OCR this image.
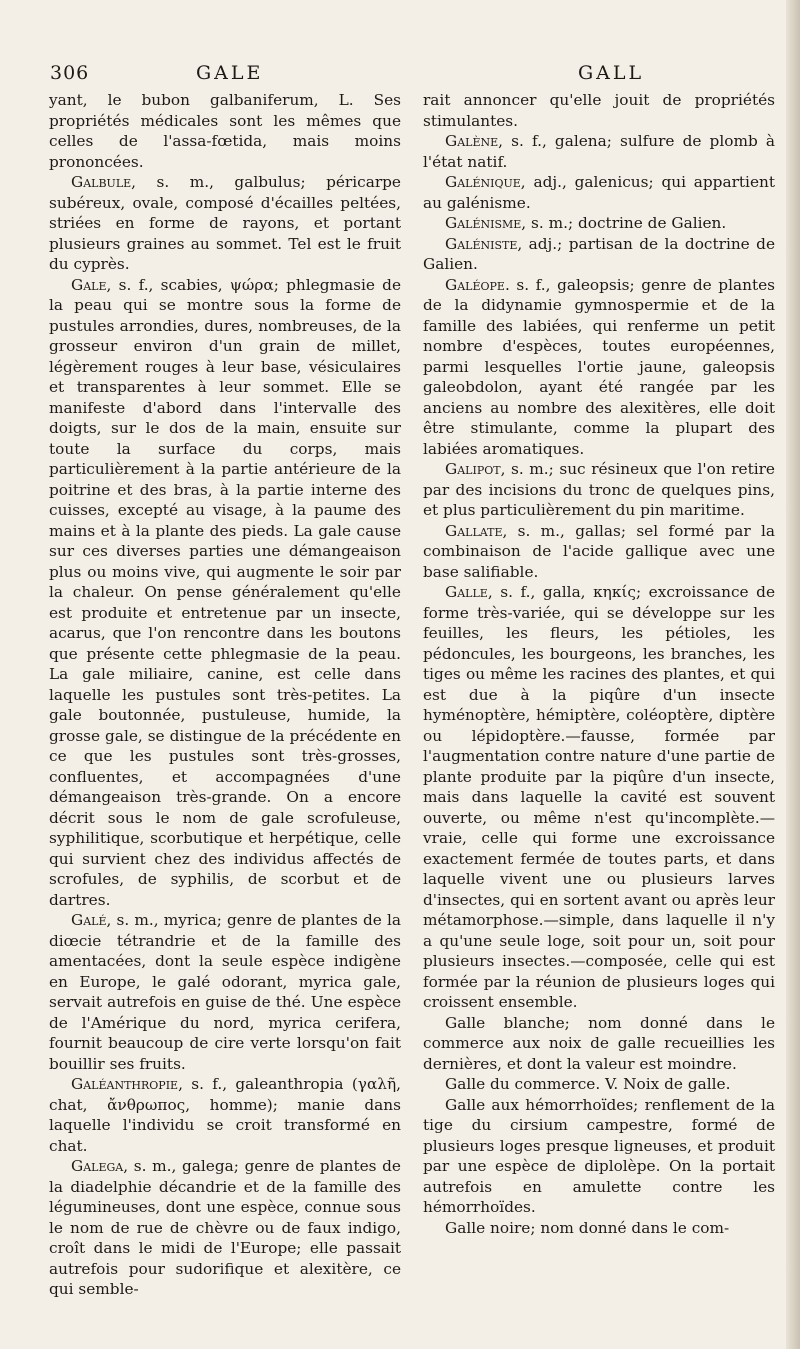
306	GALE	GALL

yant, le bubon galbaniferum, L. Ses propriétés médicales sont les mêmes que celles de l'assa-fœtida, mais moins prononcées.

Galbule, s. m., galbulus; péricarpe subéreux, ovale, composé d'écailles peltées, striées en forme de rayons, et portant plusieurs graines au sommet. Tel est le fruit du cyprès.

Gale, s. f., scabies, ψώρα; phlegmasie de la peau qui se montre sous la forme de pustules arrondies, dures, nombreuses, de la grosseur environ d'un grain de millet, légèrement rouges à leur base, vésiculaires et transparentes à leur sommet. Elle se manifeste d'abord dans l'intervalle des doigts, sur le dos de la main, ensuite sur toute la surface du corps, mais particulièrement à la partie antérieure de la poitrine et des bras, à la partie interne des cuisses, excepté au visage, à la paume des mains et à la plante des pieds. La gale cause sur ces diverses parties une démangeaison plus ou moins vive, qui augmente le soir par la chaleur. On pense généralement qu'elle est produite et entretenue par un insecte, acarus, que l'on rencontre dans les boutons que présente cette phlegmasie de la peau. La gale miliaire, canine, est celle dans laquelle les pustules sont très-petites. La gale boutonnée, pustuleuse, humide, la grosse gale, se distingue de la précédente en ce que les pustules sont très-grosses, confluentes, et accompagnées d'une démangeaison très-grande. On a encore décrit sous le nom de gale scrofuleuse, syphilitique, scorbutique et herpétique, celle qui survient chez des individus affectés de scrofules, de syphilis, de scorbut et de dartres.

Galé, s. m., myrica; genre de plantes de la diœcie tétrandrie et de la famille des amentacées, dont la seule espèce indigène en Europe, le galé odorant, myrica gale, servait autrefois en guise de thé. Une espèce de l'Amérique du nord, myrica cerifera, fournit beaucoup de cire verte lorsqu'on fait bouillir ses fruits.

Galéanthropie, s. f., galeanthropia (γαλῆ, chat, ἄνθρωπος, homme); manie dans laquelle l'individu se croit transformé en chat.

Galega, s. m., galega; genre de plantes de la diadelphie décandrie et de la famille des légumineuses, dont une espèce, connue sous le nom de rue de chèvre ou de faux indigo, croît dans le midi de l'Europe; elle passait autrefois pour sudorifique et alexitère, ce qui semble-

rait annoncer qu'elle jouit de propriétés stimulantes.

Galène, s. f., galena; sulfure de plomb à l'état natif.

Galénique, adj., galenicus; qui appartient au galénisme.

Galénisme, s. m.; doctrine de Galien.

Galéniste, adj.; partisan de la doctrine de Galien.

Galéope. s. f., galeopsis; genre de plantes de la didynamie gymnospermie et de la famille des labiées, qui renferme un petit nombre d'espèces, toutes européennes, parmi lesquelles l'ortie jaune, galeopsis galeobdolon, ayant été rangée par les anciens au nombre des alexitères, elle doit être stimulante, comme la plupart des labiées aromatiques.

Galipot, s. m.; suc résineux que l'on retire par des incisions du tronc de quelques pins, et plus particulièrement du pin maritime.

Gallate, s. m., gallas; sel formé par la combinaison de l'acide gallique avec une base salifiable.

Galle, s. f., galla, κηκίς; excroissance de forme très-variée, qui se développe sur les feuilles, les fleurs, les pétioles, les pédoncules, les bourgeons, les branches, les tiges ou même les racines des plantes, et qui est due à la piqûre d'un insecte hyménoptère, hémiptère, coléoptère, diptère ou lépidoptère.—fausse, formée par l'augmentation contre nature d'une partie de plante produite par la piqûre d'un insecte, mais dans laquelle la cavité est souvent ouverte, ou même n'est qu'incomplète.—vraie, celle qui forme une excroissance exactement fermée de toutes parts, et dans laquelle vivent une ou plusieurs larves d'insectes, qui en sortent avant ou après leur métamorphose.—simple, dans laquelle il n'y a qu'une seule loge, soit pour un, soit pour plusieurs insectes.—composée, celle qui est formée par la réunion de plusieurs loges qui croissent ensemble.

Galle blanche; nom donné dans le commerce aux noix de galle recueillies les dernières, et dont la valeur est moindre.

Galle du commerce. V. Noix de galle.

Galle aux hémorrhoïdes; renflement de la tige du cirsium campestre, formé de plusieurs loges presque ligneuses, et produit par une espèce de diplolèpe. On la portait autrefois en amulette contre les hémorrhoïdes.

Galle noire; nom donné dans le com-
